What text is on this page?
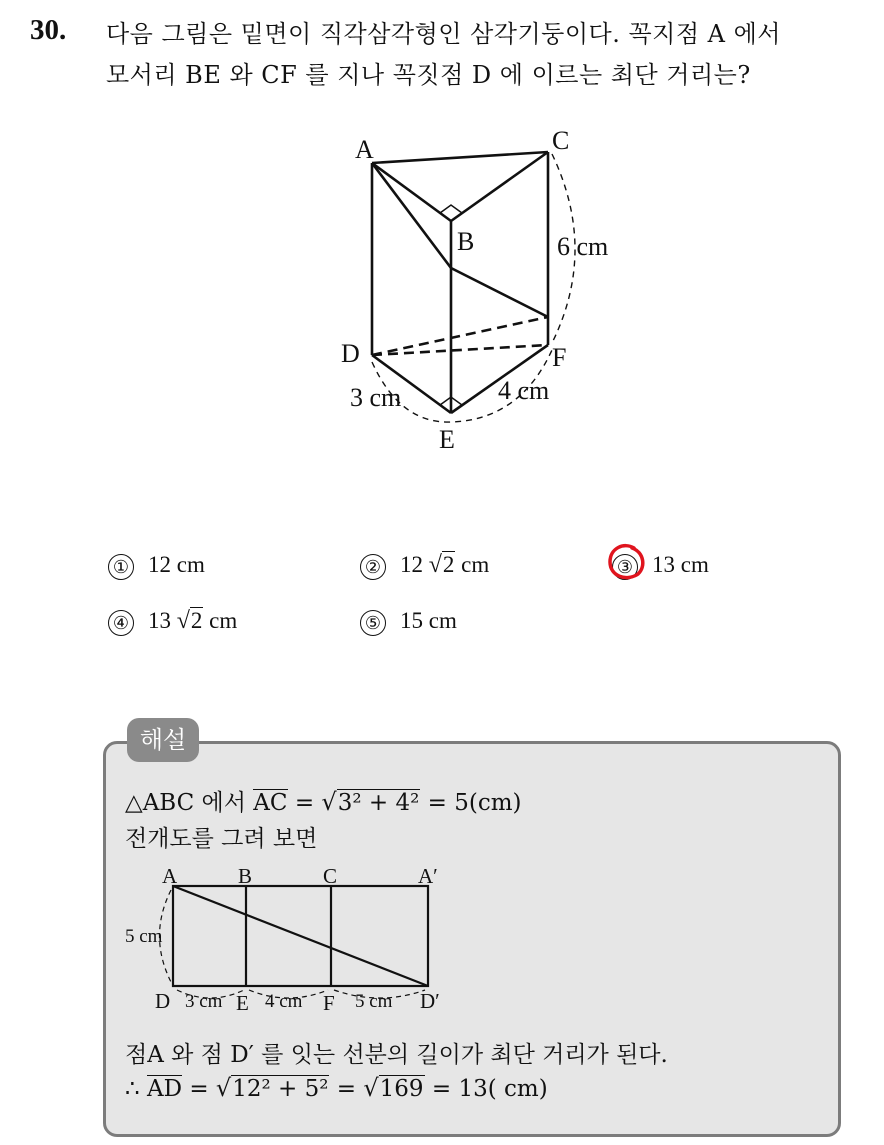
30. 다음 그림은 밑면이 직각삼각형인 삼각기둥이다. 꼭지점 A 에서
모서리 BE 와 CF 를 지나 꼭짓점 D 에 이르는 최단 거리는?
A	C
B	6 cm
D	F
3 cm	4 cm
E
① 12 cm	② 12 √2 cm	③ 13 cm
④ 13 √2 cm	⑤ 15 cm
해설
△ABC 에서 AC = √3² + 4² = 5(cm)
전개도를 그려 보면
A	B	C	A′
5 cm
D	E	F	D′
3 cm 4 cm	5 cm
점A 와 점 D′ 를 잇는 선분의 길이가 최단 거리가 된다.
∴ AD = √12² + 5² = √169 = 13( cm)
